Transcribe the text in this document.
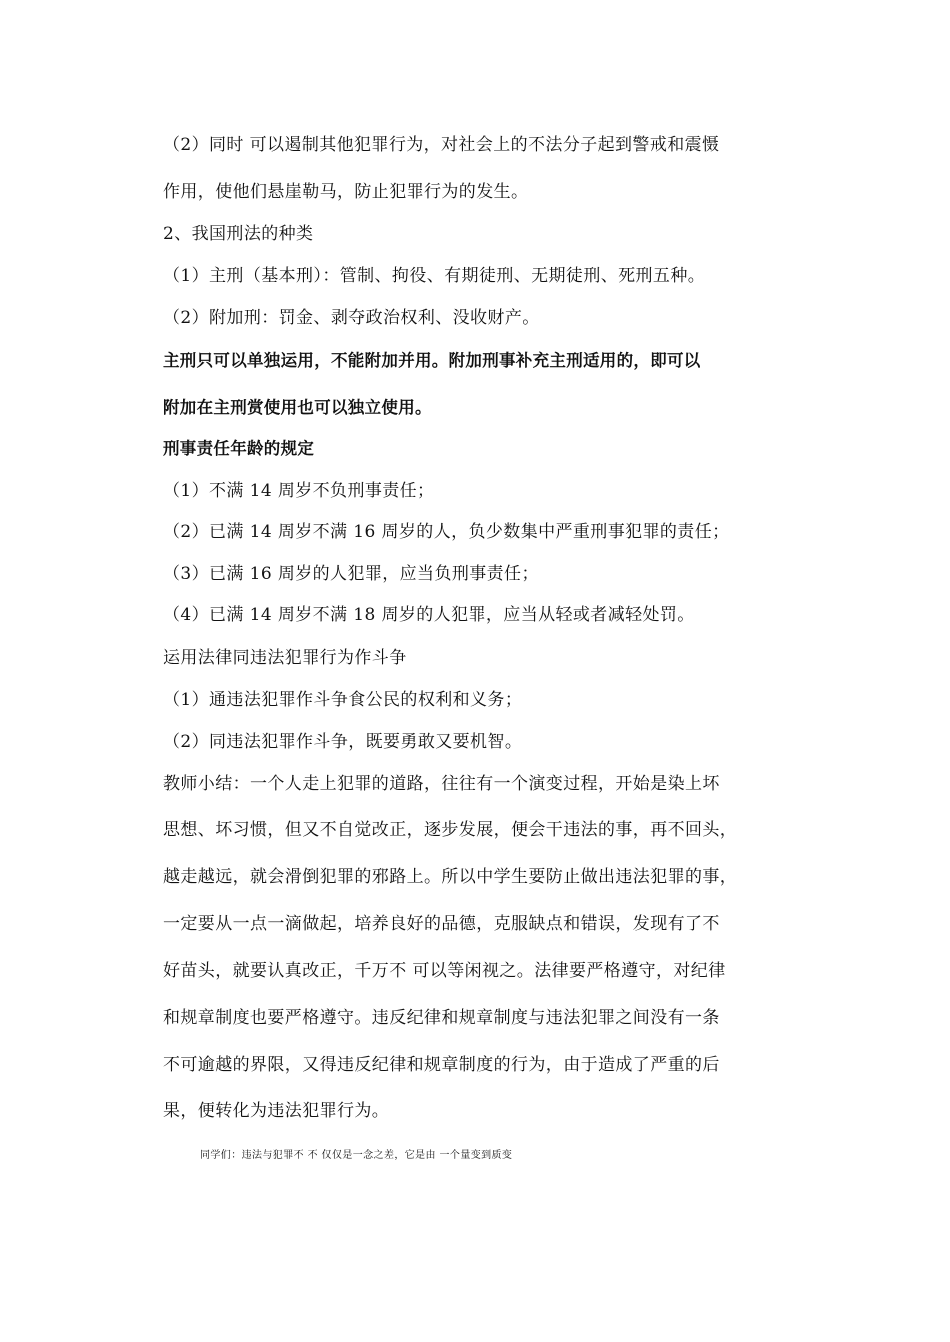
（2）同时 可以遏制其他犯罪行为，对社会上的不法分子起到警戒和震慑
作用，使他们悬崖勒马，防止犯罪行为的发生。
2、我国刑法的种类
（1）主刑（基本刑）：管制、拘役、有期徒刑、无期徒刑、死刑五种。
（2）附加刑：罚金、剥夺政治权利、没收财产。
主刑只可以单独运用，不能附加并用。附加刑事补充主刑适用的，即可以
附加在主刑赏使用也可以独立使用。
刑事责任年龄的规定
（1）不满 14 周岁不负刑事责任；
（2）已满 14 周岁不满 16 周岁的人，负少数集中严重刑事犯罪的责任；
（3）已满 16 周岁的人犯罪，应当负刑事责任；
（4）已满 14 周岁不满 18 周岁的人犯罪，应当从轻或者减轻处罚。
运用法律同违法犯罪行为作斗争
（1）通违法犯罪作斗争食公民的权利和义务；
（2）同违法犯罪作斗争，既要勇敢又要机智。
教师小结：一个人走上犯罪的道路，往往有一个演变过程，开始是染上坏
思想、坏习惯，但又不自觉改正，逐步发展，便会干违法的事，再不回头，
越走越远，就会滑倒犯罪的邪路上。所以中学生要防止做出违法犯罪的事，
一定要从一点一滴做起，培养良好的品德，克服缺点和错误，发现有了不
好苗头，就要认真改正，千万不 可以等闲视之。法律要严格遵守，对纪律
和规章制度也要严格遵守。违反纪律和规章制度与违法犯罪之间没有一条
不可逾越的界限，又得违反纪律和规章制度的行为，由于造成了严重的后
果，便转化为违法犯罪行为。
同学们：违法与犯罪不 不 仅仅是一念之差，它是由 一个量变到质变
